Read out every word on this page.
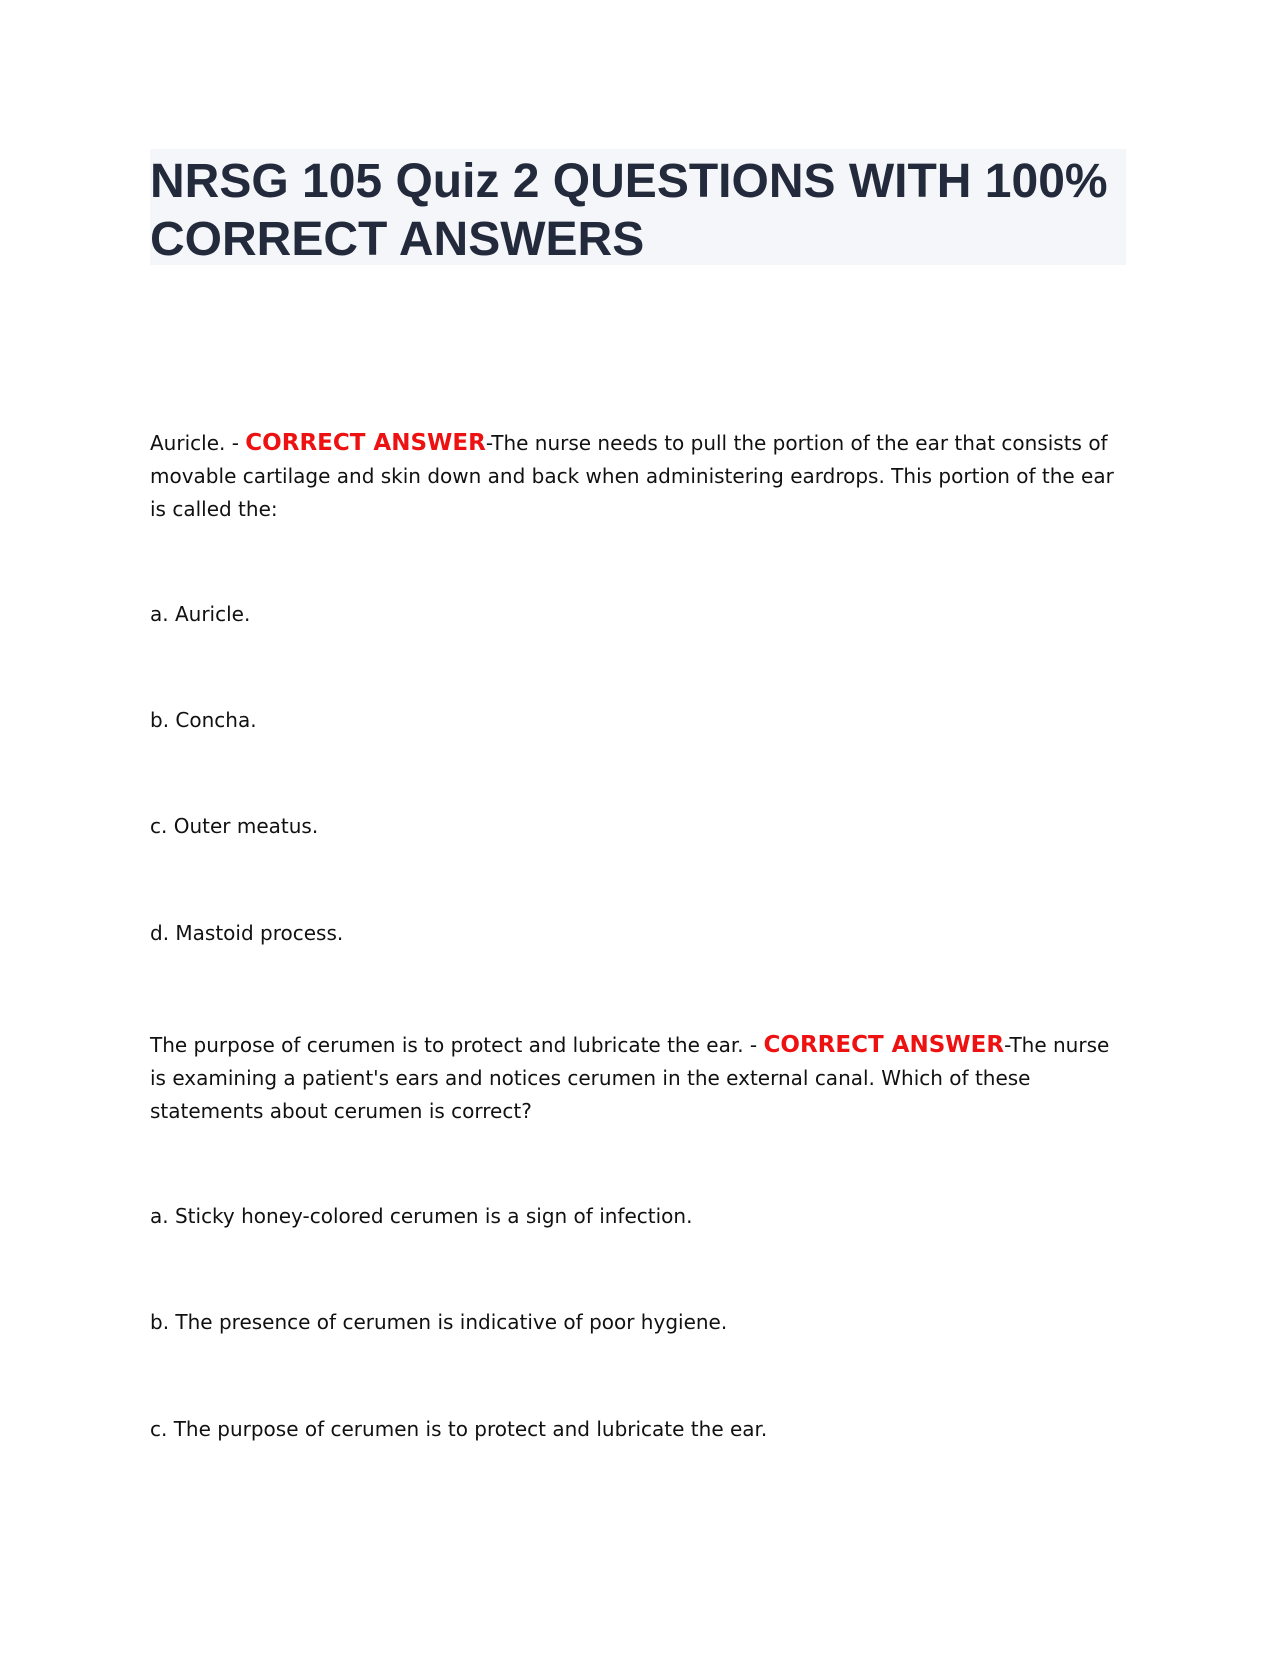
NRSG 105 Quiz 2 QUESTIONS WITH 100% CORRECT ANSWERS

Auricle. - CORRECT ANSWER-The nurse needs to pull the portion of the ear that consists of movable cartilage and skin down and back when administering eardrops. This portion of the ear is called the:

a. Auricle.

b. Concha.

c. Outer meatus.

d. Mastoid process.

The purpose of cerumen is to protect and lubricate the ear. - CORRECT ANSWER-The nurse is examining a patient's ears and notices cerumen in the external canal. Which of these statements about cerumen is correct?

a. Sticky honey-colored cerumen is a sign of infection.

b. The presence of cerumen is indicative of poor hygiene.

c. The purpose of cerumen is to protect and lubricate the ear.
